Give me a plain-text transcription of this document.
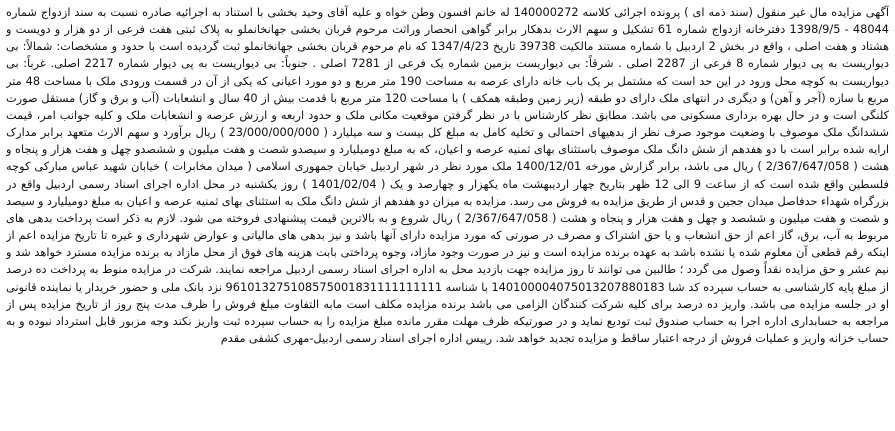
آگهی مزایده مال غیر منقول (سند ذمه ای ) پرونده اجرائی کلاسه 140000272 له خانم افسون وطن خواه و علیه آقای وحید بخشی با استناد به اجرائیه صادره نسبت به سند ازدواج شماره 48044 - 1398/9/5 دفترخانه ازدواج شماره 61 تشکیل و سهم الارث بدهکار برابر گواهی انحصار وراثت مرحوم قربان بخشی جهانخانملو به پلاک ثبتی هفت فرعی از دو هزار و دویست و هشتاد و هفت اصلی ، واقع در بخش 2 اردبیل با شماره مستند مالکیت 39738 تاریخ 1347/4/23 که نام مرحوم قربان بخشی جهانخانملو ثبت گردیده است با حدود و مشخصات: شمالاً: بی دیواریست به پی دیوار شماره 8 فرعی از 2287 اصلی . شرقاً: بی دیواریست بزمین شماره یک فرعی از 7281 اصلی . جنوباً: بی دیواریست به پی دیوار شماره 2217 اصلی. غرباً: بی دیواریست به کوچه محل ورود در این حد است که مشتمل بر یک باب خانه دارای عرصه به مساحت 190 متر مربع و دو مورد اعیانی که یکی از آن در قسمت ورودی ملک با مساحت 48 متر مربع با سازه (آجر و آهن) و دیگری در انتهای ملک دارای دو طبقه (زیر زمین وطبقه همکف ) با مساحت 120 متر مربع با قدمت بیش از 40 سال و انشعابات (آب و برق و گاز) مستقل صورت کلنگی است و در حال بهره برداری مسکونی می باشد. مطابق نظر کارشناس با در نظر گرفتن موقعیت مکانی ملک و حدود اربعه و ارزش عرصه و انشعابات ملک و کلیه جوانب امر، قیمت ششدانگ ملک موصوف با وضعیت موجود صرف نظر از بدهیهای احتمالی و تخلیه کامل به مبلغ کل بیست و سه میلیارد ( 23/000/000/000 ) ریال برآورد و سهم الارث متعهد برابر مدارک ارایه شده برابر است با دو هفدهم از شش دانگ ملک موصوف باستثنای بهای ثمنیه عرصه و اعیان، که به مبلغ دومیلیارد و سیصدو شصت و هفت میلیون و ششصدو چهل و هفت هزار و پنجاه و هشت ( 2/367/647/058 ) ریال می باشد، برابر گزارش مورخه 1400/12/01 ملک مورد نظر در شهر اردبیل خیابان جمهوری اسلامی ( میدان مخابرات ) خیابان شهید عباس مبارکی کوچه فلسطین واقع شده است که از ساعت 9 الی 12 ظهر بتاریخ چهار اردیبهشت ماه یکهزار و چهارصد و یک ( 1401/02/04 ) روز یکشنبه در محل اداره اجرای اسناد رسمی اردبیل واقع در بزرگراه شهداء حدفاصل میدان ججین و قدس از طریق مزایده به فروش می رسد. مزایده به میزان دو هفدهم از شش دانگ ملک به استثنای بهای ثمنیه عرصه و اعیان به مبلغ دومیلیارد و سیصد و شصت و هفت میلیون و ششصد و چهل و هفت هزار و پنجاه و هشت ( 2/367/647/058 ) ریال شروع و به بالاترین قیمت پیشنهادی فروخته می شود. لازم به ذکر است پرداخت بدهی های مربوط به آب، برق، گاز اعم از حق انشعاب و یا حق اشتراک و مصرف در صورتی که مورد مزایده دارای آنها باشد و نیز بدهی های مالیاتی و عوارض شهرداری و غیره تا تاریخ مزایده اعم از اینکه رقم قطعی آن معلوم شده یا نشده باشد به عهده برنده مزایده است و نیز در صورت وجود مازاد، وجوه پرداختی بابت هزینه های فوق از محل مازاد به برنده مزایده مسترد خواهد شد و نیم عشر و حق مزایده نقداً وصول می گردد ؛ طالبین می توانند تا روز مزایده جهت بازدید محل به اداره اجرای اسناد رسمی اردبیل مراجعه نمایند. شرکت در مزایده منوط به پرداخت ده درصد از مبلغ پایه کارشناسی به حساب سپرده کد شبا 140100004075013207880183 با شناسه 961013275108575001831111111111 نزد بانک ملی و حضور خریدار یا نماینده قانونی او در جلسه مزایده می باشد. واریز ده درصد برای کلیه شرکت کنندگان الزامی می باشد برنده مزایده مکلف است مابه التفاوت مبلغ فروش را ظرف مدت پنج روز از تاریخ مزایده پس از مراجعه به حسابداری اداره اجرا به حساب صندوق ثبت تودیع نماید و در صورتیکه ظرف مهلت مقرر مانده مبلغ مزایده را به حساب سپرده ثبت واریز نکند وجه مزبور قابل استرداد نبوده و به حساب خزانه واریز و عملیات فروش از درجه اعتبار ساقط و مزایده تجدید خواهد شد. رییس اداره اجرای اسناد رسمی اردبیل-مهری کشفی مقدم
